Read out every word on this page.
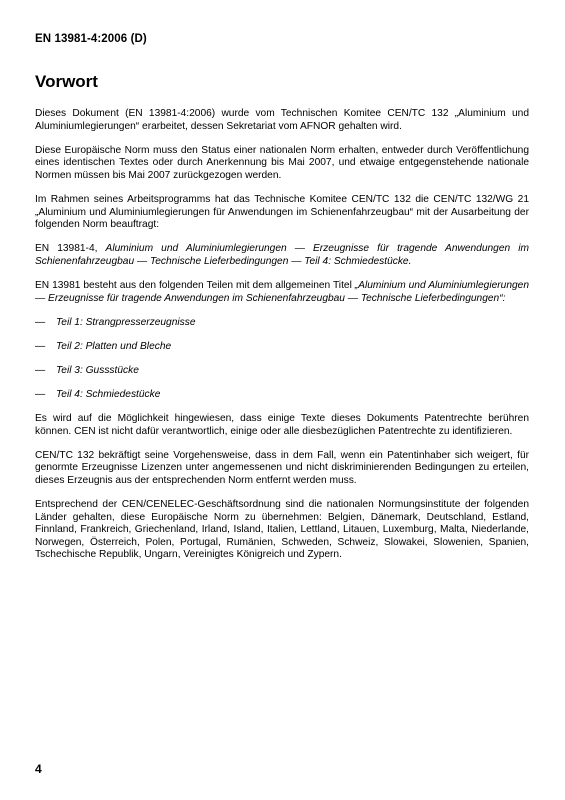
EN 13981-4:2006 (D)
Vorwort

Dieses Dokument (EN 13981-4:2006) wurde vom Technischen Komitee CEN/TC 132 „Aluminium und Aluminiumlegierungen“ erarbeitet, dessen Sekretariat vom AFNOR gehalten wird.

Diese Europäische Norm muss den Status einer nationalen Norm erhalten, entweder durch Veröffentlichung eines identischen Textes oder durch Anerkennung bis Mai 2007, und etwaige entgegenstehende nationale Normen müssen bis Mai 2007 zurückgezogen werden.

Im Rahmen seines Arbeitsprogramms hat das Technische Komitee CEN/TC 132 die CEN/TC 132/WG 21 „Aluminium und Aluminiumlegierungen für Anwendungen im Schienenfahrzeugbau“ mit der Ausarbeitung der folgenden Norm beauftragt:

EN 13981-4, Aluminium und Aluminiumlegierungen — Erzeugnisse für tragende Anwendungen im Schienenfahrzeugbau — Technische Lieferbedingungen — Teil 4: Schmiedestücke.

EN 13981 besteht aus den folgenden Teilen mit dem allgemeinen Titel „Aluminium und Aluminiumlegierungen — Erzeugnisse für tragende Anwendungen im Schienenfahrzeugbau — Technische Lieferbedingungen“:

— Teil 1: Strangpresserzeugnisse
— Teil 2: Platten und Bleche
— Teil 3: Gussstücke
— Teil 4: Schmiedestücke

Es wird auf die Möglichkeit hingewiesen, dass einige Texte dieses Dokuments Patentrechte berühren können. CEN ist nicht dafür verantwortlich, einige oder alle diesbezüglichen Patentrechte zu identifizieren.

CEN/TC 132 bekräftigt seine Vorgehensweise, dass in dem Fall, wenn ein Patentinhaber sich weigert, für genormte Erzeugnisse Lizenzen unter angemessenen und nicht diskriminierenden Bedingungen zu erteilen, dieses Erzeugnis aus der entsprechenden Norm entfernt werden muss.

Entsprechend der CEN/CENELEC-Geschäftsordnung sind die nationalen Normungsinstitute der folgenden Länder gehalten, diese Europäische Norm zu übernehmen: Belgien, Dänemark, Deutschland, Estland, Finnland, Frankreich, Griechenland, Irland, Island, Italien, Lettland, Litauen, Luxemburg, Malta, Niederlande, Norwegen, Österreich, Polen, Portugal, Rumänien, Schweden, Schweiz, Slowakei, Slowenien, Spanien, Tschechische Republik, Ungarn, Vereinigtes Königreich und Zypern.

4
